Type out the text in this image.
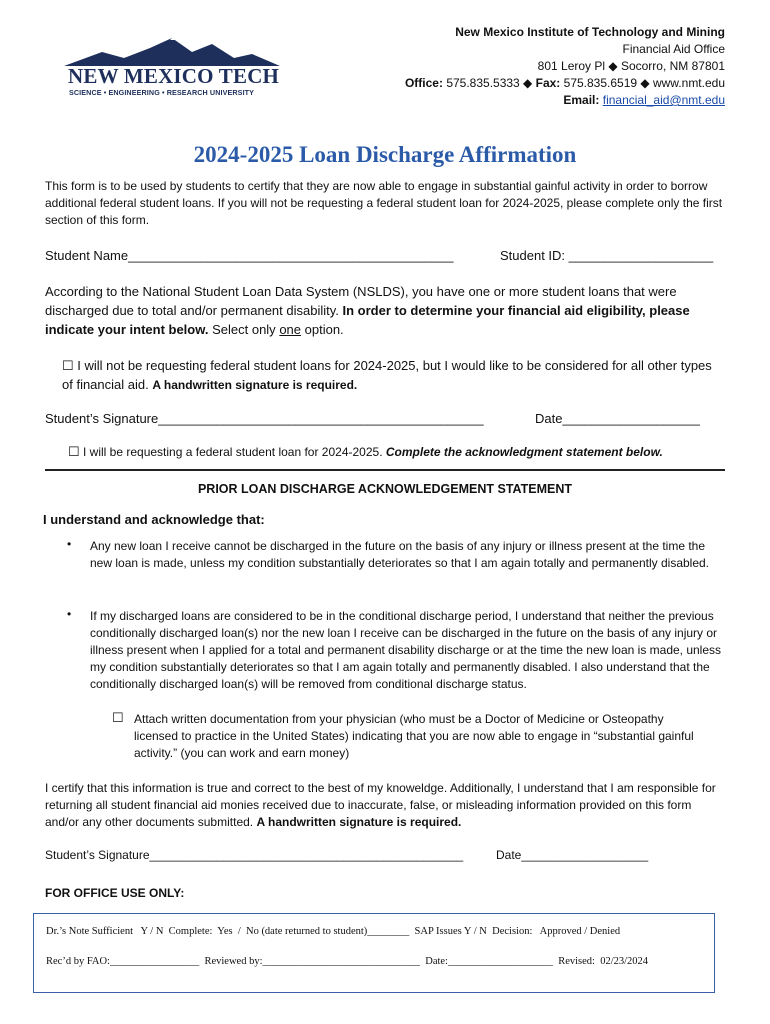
NEW MEXICO TECH
SCIENCE • ENGINEERING • RESEARCH UNIVERSITY
New Mexico Institute of Technology and Mining
Financial Aid Office
801 Leroy Pl ◆ Socorro, NM 87801
Office: 575.835.5333 ◆ Fax: 575.835.6519 ◆ www.nmt.edu
Email: financial_aid@nmt.edu
2024-2025 Loan Discharge Affirmation
This form is to be used by students to certify that they are now able to engage in substantial gainful activity in order to borrow additional federal student loans. If you will not be requesting a federal student loan for 2024-2025, please complete only the first section of this form.
Student Name_____________________________________________	Student ID: ____________________
According to the National Student Loan Data System (NSLDS), you have one or more student loans that were discharged due to total and/or permanent disability. In order to determine your financial aid eligibility, please indicate your intent below. Select only one option.
☐ I will not be requesting federal student loans for 2024-2025, but I would like to be considered for all other types of financial aid. A handwritten signature is required.
Student’s Signature_____________________________________________	Date___________________
☐ I will be requesting a federal student loan for 2024-2025. Complete the acknowledgment statement below.
PRIOR LOAN DISCHARGE ACKNOWLEDGEMENT STATEMENT
I understand and acknowledge that:
• Any new loan I receive cannot be discharged in the future on the basis of any injury or illness present at the time the new loan is made, unless my condition substantially deteriorates so that I am again totally and permanently disabled.
• If my discharged loans are considered to be in the conditional discharge period, I understand that neither the previous conditionally discharged loan(s) nor the new loan I receive can be discharged in the future on the basis of any injury or illness present when I applied for a total and permanent disability discharge or at the time the new loan is made, unless my condition substantially deteriorates so that I am again totally and permanently disabled. I also understand that the conditionally discharged loan(s) will be removed from conditional discharge status.
☐ Attach written documentation from your physician (who must be a Doctor of Medicine or Osteopathy licensed to practice in the United States) indicating that you are now able to engage in “substantial gainful activity.” (you can work and earn money)
I certify that this information is true and correct to the best of my knoweldge. Additionally, I understand that I am responsible for returning all student financial aid monies received due to inaccurate, false, or misleading information provided on this form and/or any other documents submitted. A handwritten signature is required.
Student’s Signature_______________________________________________	Date___________________
FOR OFFICE USE ONLY:
Dr.’s Note Sufficient   Y / N  Complete:  Yes  /  No (date returned to student)________  SAP Issues Y / N  Decision:   Approved / Denied
Rec’d by FAO:_________________  Reviewed by:______________________________  Date:____________________  Revised:  02/23/2024
